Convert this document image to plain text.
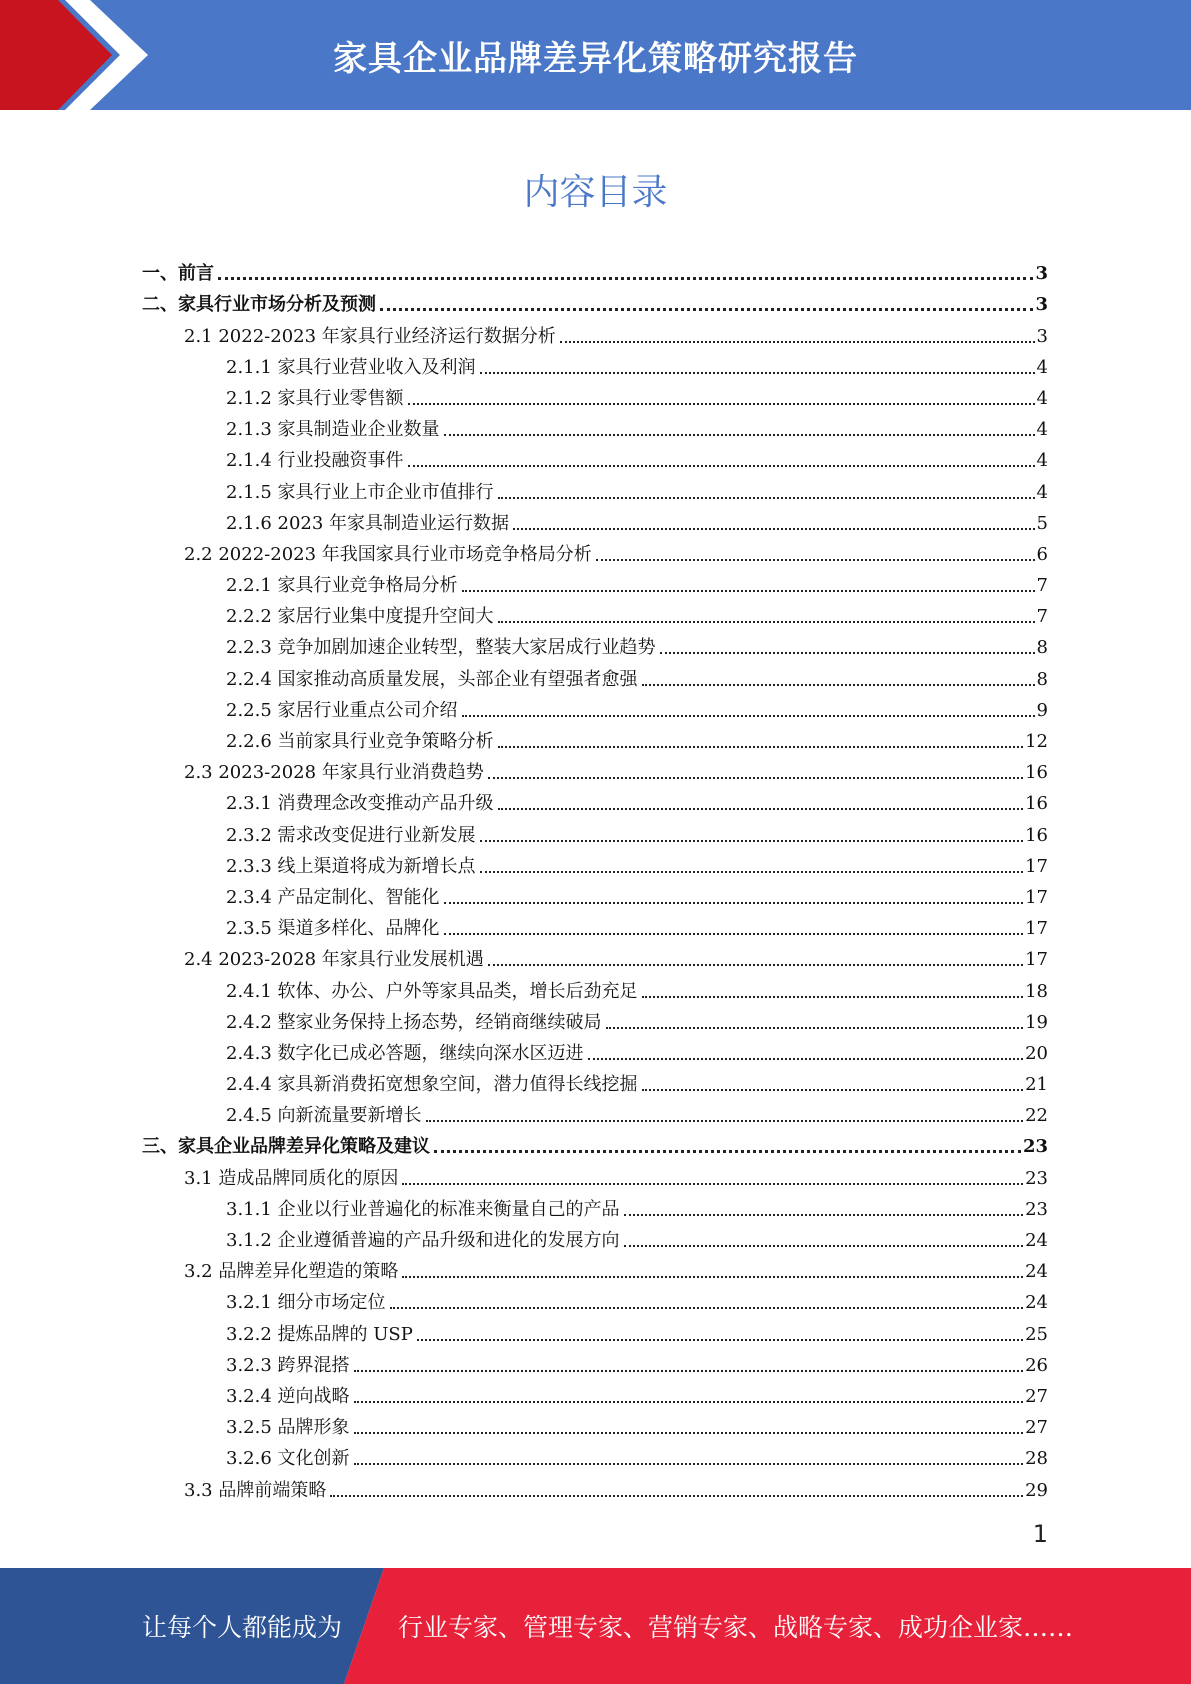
家具企业品牌差异化策略研究报告
内容目录
一、前言	3
二、家具行业市场分析及预测	3
2.1 2022-2023 年家具行业经济运行数据分析	3
2.1.1 家具行业营业收入及利润	4
2.1.2 家具行业零售额	4
2.1.3 家具制造业企业数量	4
2.1.4 行业投融资事件	4
2.1.5 家具行业上市企业市值排行	4
2.1.6 2023 年家具制造业运行数据	5
2.2 2022-2023 年我国家具行业市场竞争格局分析	6
2.2.1 家具行业竞争格局分析	7
2.2.2 家居行业集中度提升空间大	7
2.2.3 竞争加剧加速企业转型，整装大家居成行业趋势	8
2.2.4 国家推动高质量发展，头部企业有望强者愈强	8
2.2.5 家居行业重点公司介绍	9
2.2.6 当前家具行业竞争策略分析	12
2.3 2023-2028 年家具行业消费趋势	16
2.3.1 消费理念改变推动产品升级	16
2.3.2 需求改变促进行业新发展	16
2.3.3 线上渠道将成为新增长点	17
2.3.4 产品定制化、智能化	17
2.3.5 渠道多样化、品牌化	17
2.4 2023-2028 年家具行业发展机遇	17
2.4.1 软体、办公、户外等家具品类，增长后劲充足	18
2.4.2 整家业务保持上扬态势，经销商继续破局	19
2.4.3 数字化已成必答题，继续向深水区迈进	20
2.4.4 家具新消费拓宽想象空间，潜力值得长线挖掘	21
2.4.5 向新流量要新增长	22
三、家具企业品牌差异化策略及建议	23
3.1 造成品牌同质化的原因	23
3.1.1 企业以行业普遍化的标准来衡量自己的产品	23
3.1.2 企业遵循普遍的产品升级和进化的发展方向	24
3.2 品牌差异化塑造的策略	24
3.2.1 细分市场定位	24
3.2.2 提炼品牌的 USP	25
3.2.3 跨界混搭	26
3.2.4 逆向战略	27
3.2.5 品牌形象	27
3.2.6 文化创新	28
3.3 品牌前端策略	29
1
让每个人都能成为 行业专家、管理专家、营销专家、战略专家、成功企业家……
